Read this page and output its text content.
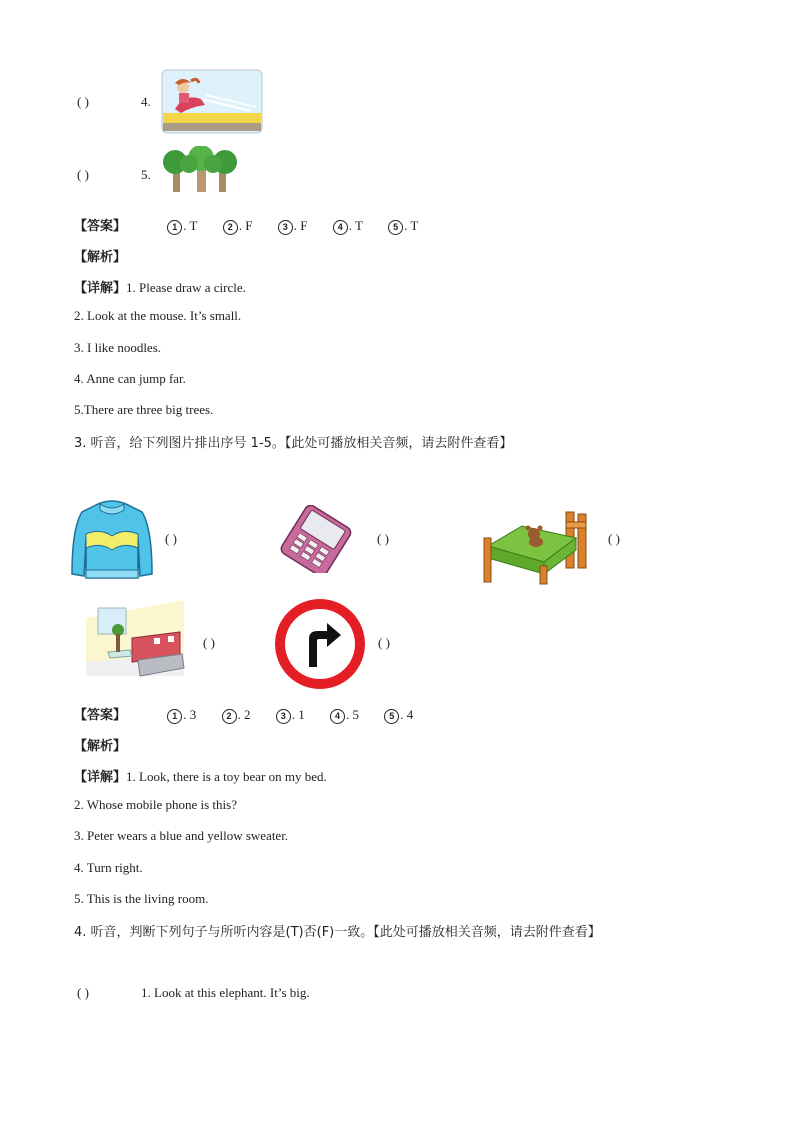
( )	4.
( )	5.
【答案】	1 . T	2 . F	3 . F	4 . T	5 . T
【解析】
【详解】1. Please draw a circle.
2. Look at the mouse. It’s small.
3. I like noodles.
4. Anne can jump far.
5.There are three big trees.
3. 听音，给下列图片排出序号 1-5。【此处可播放相关音频，请去附件查看】
( )	( )	( )
( )	( )
【答案】	1 . 3	2 . 2	3 . 1	4 . 5	5 . 4
【解析】
【详解】1. Look, there is a toy bear on my bed.
2. Whose mobile phone is this?
3. Peter wears a blue and yellow sweater.
4. Turn right.
5. This is the living room.
4. 听音，判断下列句子与所听内容是(T)否(F)一致。【此处可播放相关音频，请去附件查看】
( )	1. Look at this elephant. It’s big.
